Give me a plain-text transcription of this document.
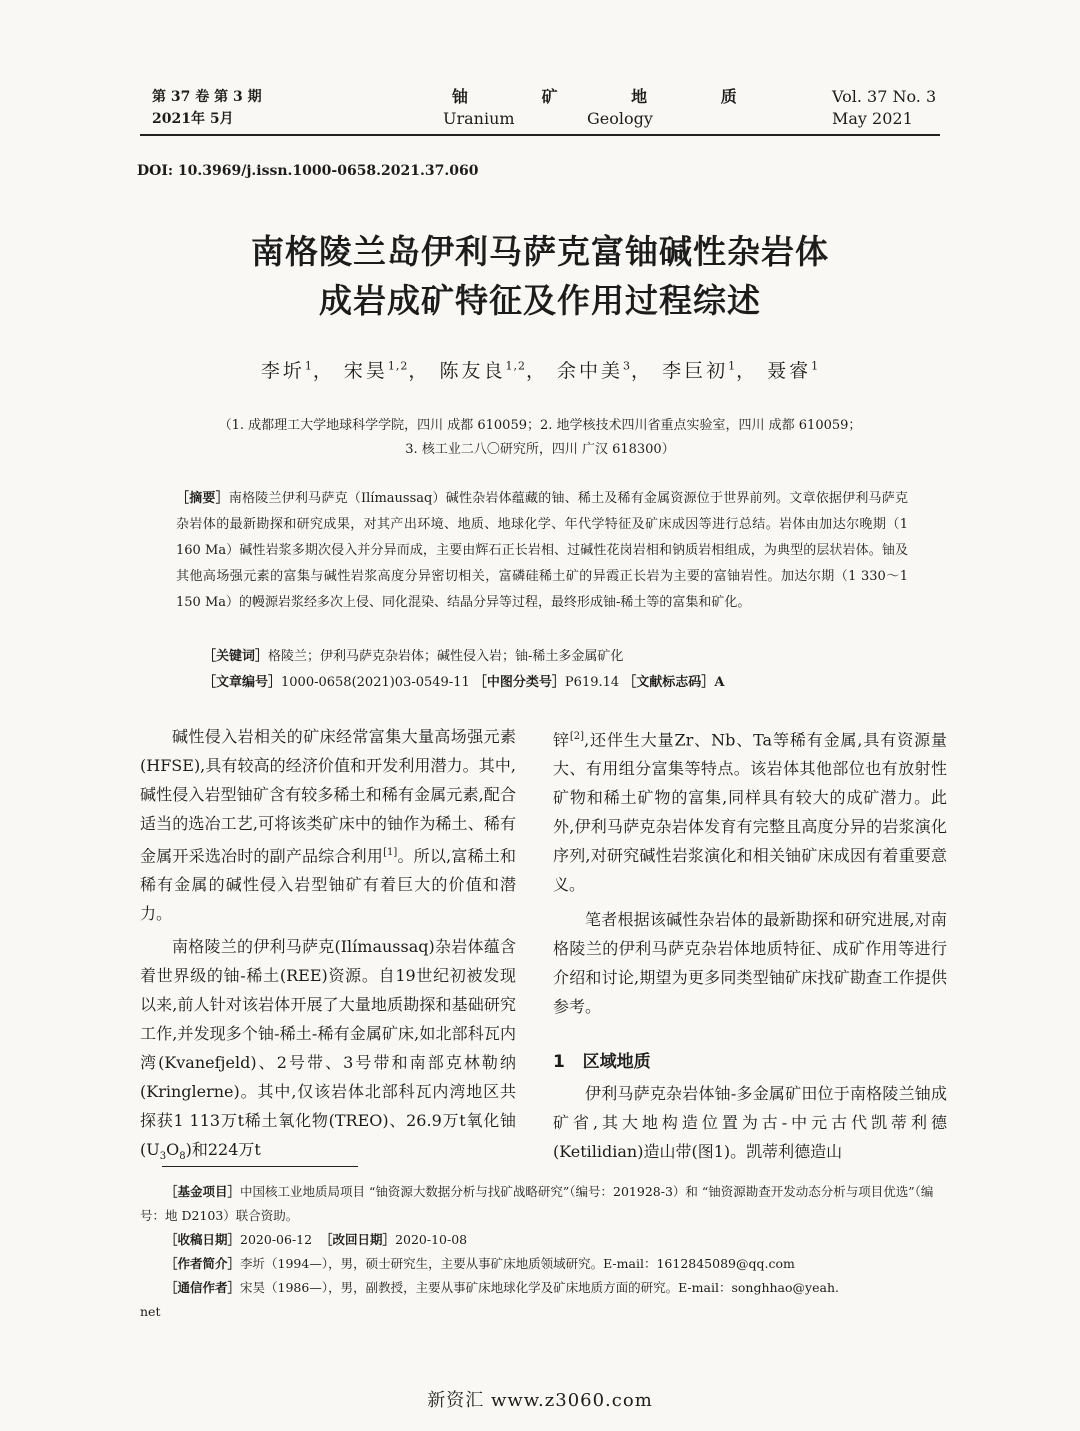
第 37 卷 第 3 期
2021年 5月
铀 矿 地 质
Uranium	Geology
Vol. 37 No. 3
May 2021
DOI: 10.3969/j.issn.1000-0658.2021.37.060
南格陵兰岛伊利马萨克富铀碱性杂岩体
成岩成矿特征及作用过程综述
李圻$^1$， 宋昊$^{1,2}$， 陈友良$^{1,2}$， 余中美$^3$， 李巨初$^1$， 聂睿$^1$
（1. 成都理工大学地球科学学院，四川 成都 610059；2. 地学核技术四川省重点实验室，四川 成都 610059；
3. 核工业二八〇研究所，四川 广汉 618300）
［摘要］南格陵兰伊利马萨克（Ilímaussaq）碱性杂岩体蕴藏的铀、稀土及稀有金属资源位于世界前列。文章依据伊利马萨克杂岩体的最新勘探和研究成果，对其产出环境、地质、地球化学、年代学特征及矿床成因等进行总结。岩体由加达尔晚期（1 160 Ma）碱性岩浆多期次侵入并分异而成，主要由辉石正长岩相、过碱性花岗岩相和钠质岩相组成，为典型的层状岩体。铀及其他高场强元素的富集与碱性岩浆高度分异密切相关，富磷硅稀土矿的异霞正长岩为主要的富铀岩性。加达尔期（1 330～1 150 Ma）的幔源岩浆经多次上侵、同化混染、结晶分异等过程，最终形成铀-稀土等的富集和矿化。
［关键词］格陵兰；伊利马萨克杂岩体；碱性侵入岩；铀-稀土多金属矿化
［文章编号］1000-0658(2021)03-0549-11 ［中图分类号］P619.14 ［文献标志码］A

碱性侵入岩相关的矿床经常富集大量高场强元素(HFSE),具有较高的经济价值和开发利用潜力。其中,碱性侵入岩型铀矿含有较多稀土和稀有金属元素,配合适当的选冶工艺,可将该类矿床中的铀作为稀土、稀有金属开采选冶时的副产品综合利用[1]。所以,富稀土和稀有金属的碱性侵入岩型铀矿有着巨大的价值和潜力。

南格陵兰的伊利马萨克(Ilímaussaq)杂岩体蕴含着世界级的铀-稀土(REE)资源。自19世纪初被发现以来,前人针对该岩体开展了大量地质勘探和基础研究工作,并发现多个铀-稀土-稀有金属矿床,如北部科瓦内湾(Kvanefjeld)、2号带、3号带和南部克林勒纳(Kringlerne)。其中,仅该岩体北部科瓦内湾地区共探获1 113万t稀土氧化物(TREO)、26.9万t氧化铀$(U_3O_8)$和224万t

锌[2],还伴生大量Zr、Nb、Ta等稀有金属,具有资源量大、有用组分富集等特点。该岩体其他部位也有放射性矿物和稀土矿物的富集,同样具有较大的成矿潜力。此外,伊利马萨克杂岩体发育有完整且高度分异的岩浆演化序列,对研究碱性岩浆演化和相关铀矿床成因有着重要意义。

笔者根据该碱性杂岩体的最新勘探和研究进展,对南格陵兰的伊利马萨克杂岩体地质特征、成矿作用等进行介绍和讨论,期望为更多同类型铀矿床找矿勘查工作提供参考。

1 区域地质

伊利马萨克杂岩体铀-多金属矿田位于南格陵兰铀成矿省,其大地构造位置为古-中元古代凯蒂利德(Ketilidian)造山带(图1)。凯蒂利德造山

［基金项目］中国核工业地质局项目 “铀资源大数据分析与找矿战略研究”（编号：201928-3）和 “铀资源勘查开发动态分析与项目优选”（编号：地 D2103）联合资助。
［收稿日期］2020-06-12 ［改回日期］2020-10-08
［作者简介］李圻（1994—），男，硕士研究生，主要从事矿床地质领域研究。E-mail：1612845089@qq.com
［通信作者］宋昊（1986—），男，副教授，主要从事矿床地球化学及矿床地质方面的研究。E-mail：songhhao@yeah.
net
新资汇 www.z3060.com
